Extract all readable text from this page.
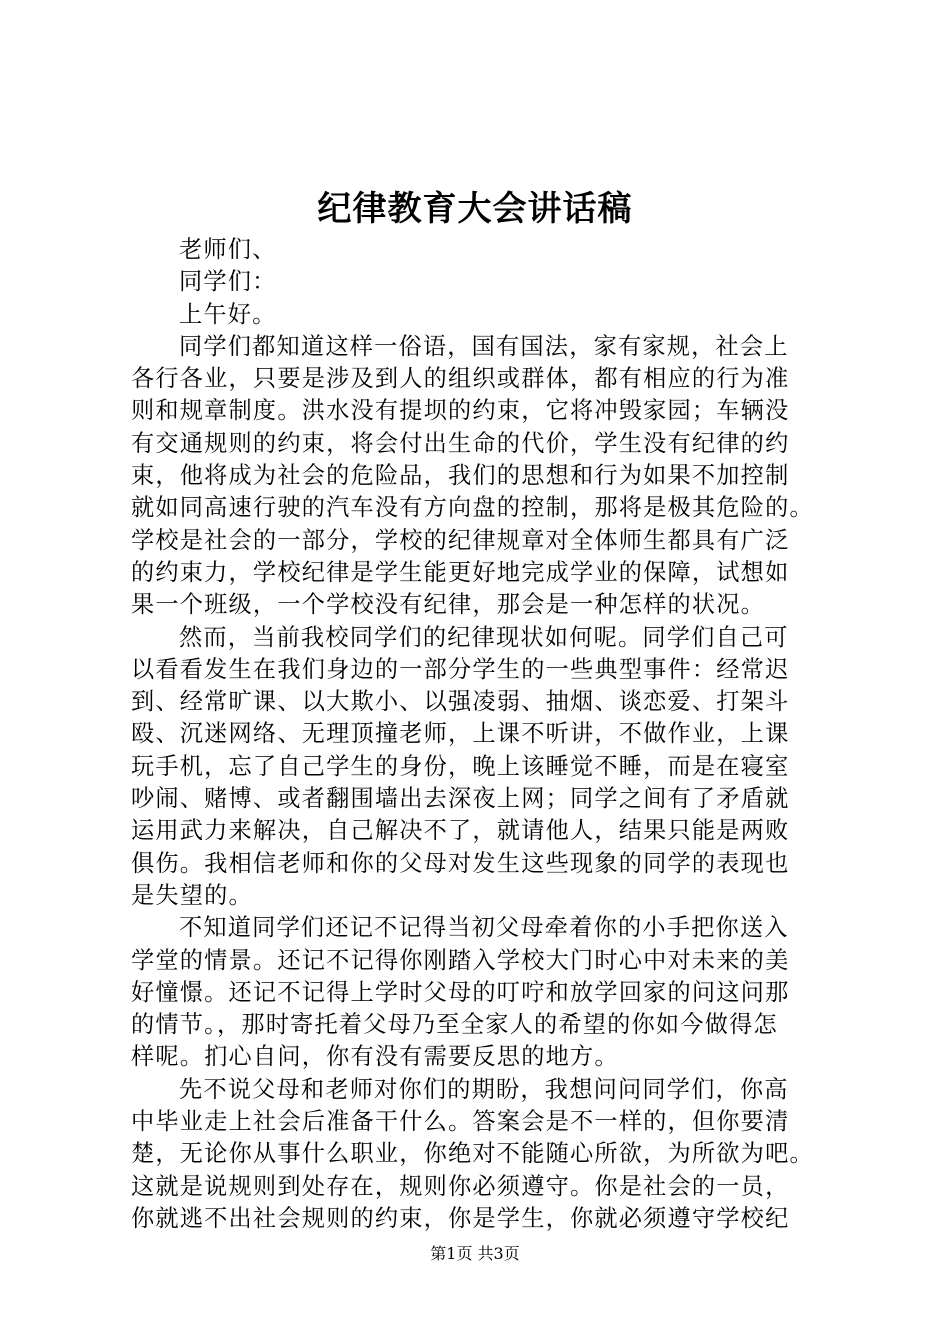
纪律教育大会讲话稿
老师们、
同学们：
上午好。
同学们都知道这样一俗语，国有国法，家有家规，社会上
各行各业，只要是涉及到人的组织或群体，都有相应的行为准
则和规章制度。洪水没有提坝的约束，它将冲毁家园；车辆没
有交通规则的约束，将会付出生命的代价，学生没有纪律的约
束，他将成为社会的危险品，我们的思想和行为如果不加控制
就如同高速行驶的汽车没有方向盘的控制，那将是极其危险的。
学校是社会的一部分，学校的纪律规章对全体师生都具有广泛
的约束力，学校纪律是学生能更好地完成学业的保障，试想如
果一个班级，一个学校没有纪律，那会是一种怎样的状况。
然而，当前我校同学们的纪律现状如何呢。同学们自己可
以看看发生在我们身边的一部分学生的一些典型事件：经常迟
到、经常旷课、以大欺小、以强凌弱、抽烟、谈恋爱、打架斗
殴、沉迷网络、无理顶撞老师，上课不听讲，不做作业，上课
玩手机，忘了自己学生的身份，晚上该睡觉不睡，而是在寝室
吵闹、赌博、或者翻围墙出去深夜上网；同学之间有了矛盾就
运用武力来解决，自己解决不了，就请他人，结果只能是两败
俱伤。我相信老师和你的父母对发生这些现象的同学的表现也
是失望的。
不知道同学们还记不记得当初父母牵着你的小手把你送入
学堂的情景。还记不记得你刚踏入学校大门时心中对未来的美
好憧憬。还记不记得上学时父母的叮咛和放学回家的问这问那
的情节。，那时寄托着父母乃至全家人的希望的你如今做得怎
样呢。扪心自问，你有没有需要反思的地方。
先不说父母和老师对你们的期盼，我想问问同学们，你高
中毕业走上社会后准备干什么。答案会是不一样的，但你要清
楚，无论你从事什么职业，你绝对不能随心所欲，为所欲为吧。
这就是说规则到处存在，规则你必须遵守。你是社会的一员，
你就逃不出社会规则的约束，你是学生，你就必须遵守学校纪
第1页 共3页
